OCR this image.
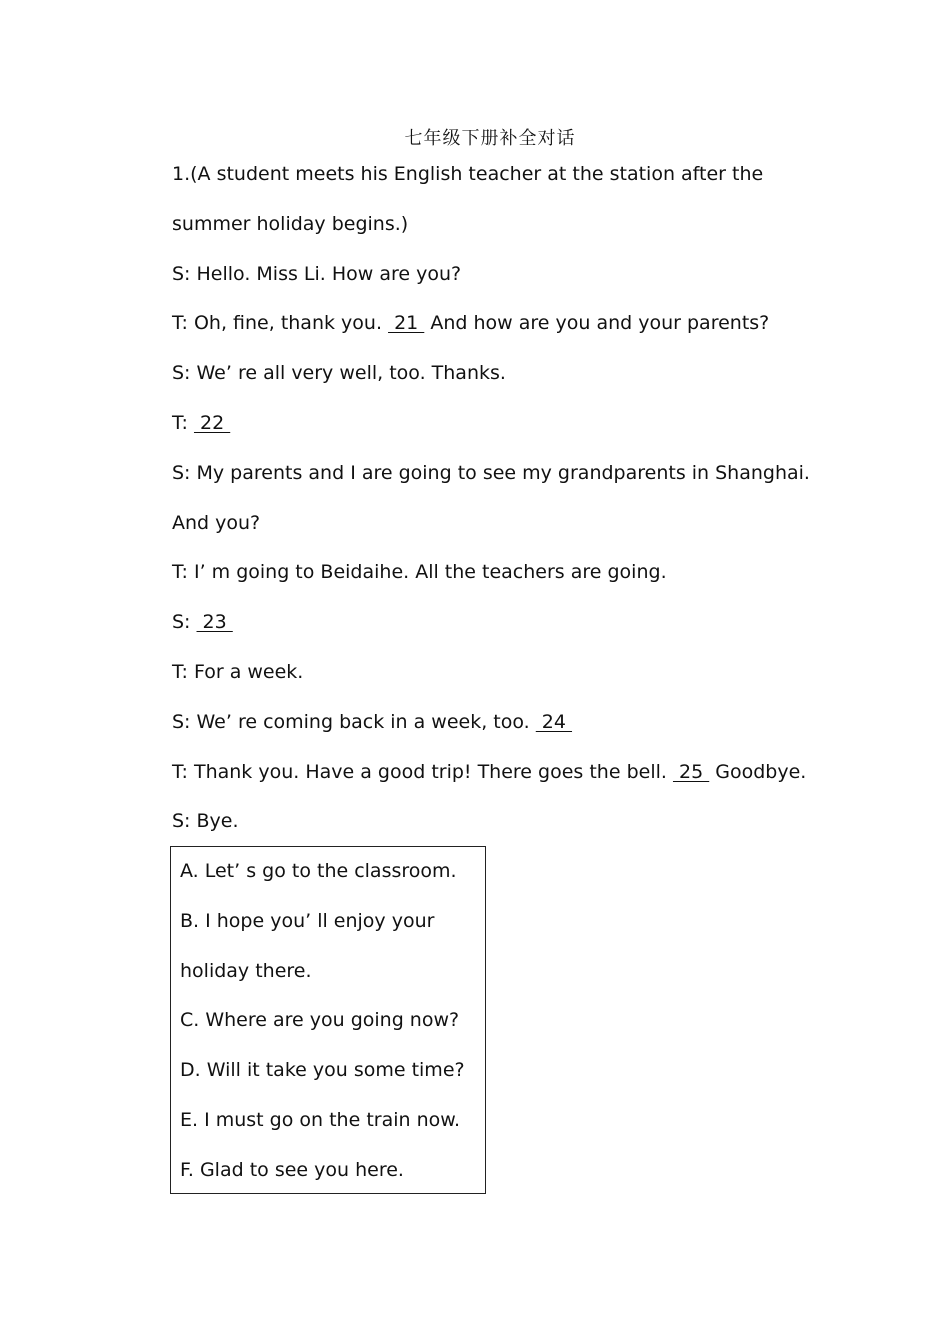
七年级下册补全对话
1.(A student meets his English teacher at the station after the
summer holiday begins.)
S: Hello. Miss Li. How are you?
T: Oh, fine, thank you.  21  And how are you and your parents?
S: We’ re all very well, too. Thanks.
T:  22
S: My parents and I are going to see my grandparents in Shanghai.
And you?
T: I’ m going to Beidaihe. All the teachers are going.
S:  23
T: For a week.
S: We’ re coming back in a week, too.  24
T: Thank you. Have a good trip! There goes the bell.  25  Goodbye.
S: Bye.
A. Let’ s go to the classroom.
B. I hope you’ ll enjoy your
holiday there.
C. Where are you going now?
D. Will it take you some time?
E. I must go on the train now.
F. Glad to see you here.
